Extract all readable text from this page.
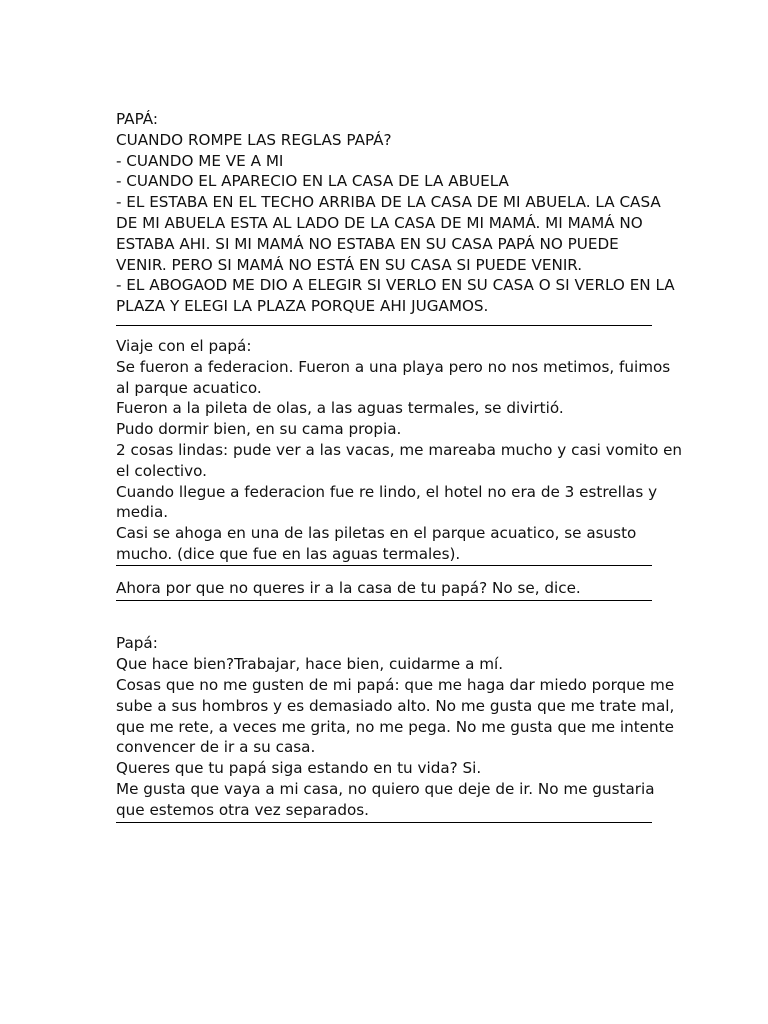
PAPÁ:
CUANDO ROMPE LAS REGLAS PAPÁ?
- CUANDO ME VE A MI
- CUANDO EL APARECIO EN LA CASA DE LA ABUELA
- EL ESTABA EN EL TECHO ARRIBA DE LA CASA DE MI ABUELA. LA CASA
DE MI ABUELA ESTA AL LADO DE LA CASA DE MI MAMÁ. MI MAMÁ NO
ESTABA AHI. SI MI MAMÁ NO ESTABA EN SU CASA PAPÁ NO PUEDE
VENIR. PERO SI MAMÁ NO ESTÁ EN SU CASA SI PUEDE VENIR.
- EL ABOGAOD ME DIO A ELEGIR SI VERLO EN SU CASA O SI VERLO EN LA
PLAZA Y ELEGI LA PLAZA PORQUE AHI JUGAMOS.
Viaje con el papá:
Se fueron a federacion. Fueron a una playa pero no nos metimos, fuimos
al parque acuatico.
Fueron a la pileta de olas, a las aguas termales, se divirtió.
Pudo dormir bien, en su cama propia.
2 cosas lindas: pude ver a las vacas, me mareaba mucho y casi vomito en
el colectivo.
Cuando llegue a federacion fue re lindo, el hotel no era de 3 estrellas y
media.
Casi se ahoga en una de las piletas en el parque acuatico, se asusto
mucho. (dice que fue en las aguas termales).
Ahora por que no queres ir a la casa de tu papá? No se, dice.
Papá:
Que hace bien?Trabajar, hace bien, cuidarme a mí.
Cosas que no me gusten de mi papá: que me haga dar miedo porque me
sube a sus hombros y es demasiado alto. No me gusta que me trate mal,
que me rete, a veces me grita, no me pega. No me gusta que me intente
convencer de ir a su casa.
Queres que tu papá siga estando en tu vida? Si.
Me gusta que vaya a mi casa, no quiero que deje de ir. No me gustaria
que estemos otra vez separados.
